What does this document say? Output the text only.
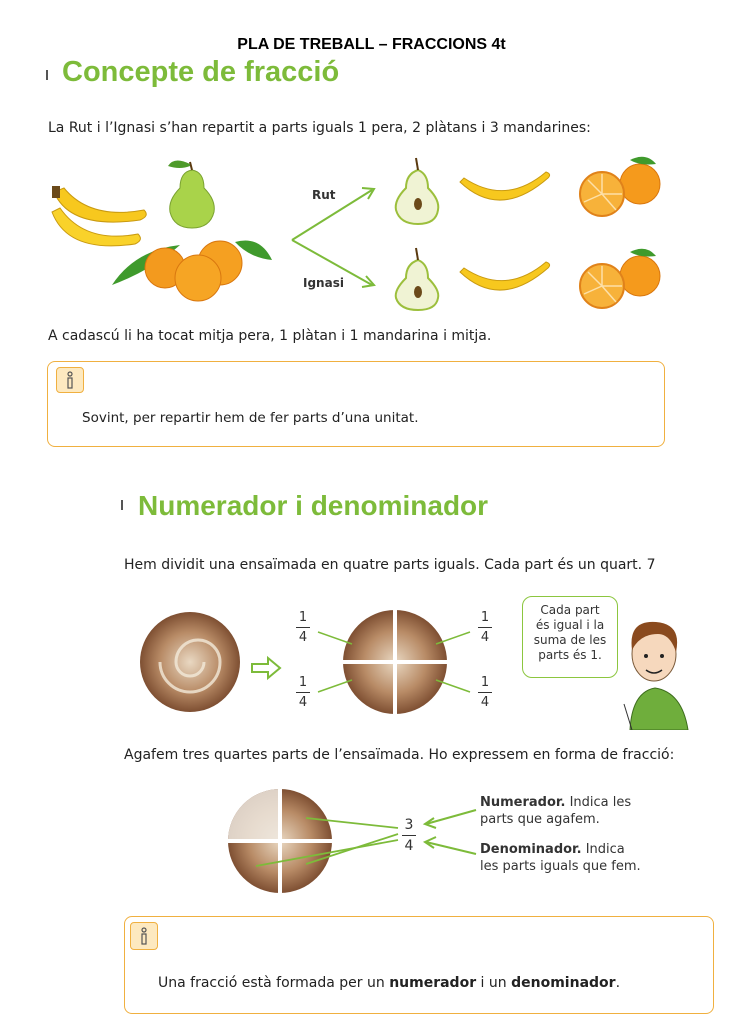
PLA DE TREBALL – FRACCIONS 4t
Concepte de fracció
La Rut i l’Ignasi s’han repartit a parts iguals 1 pera, 2 plàtans i 3 mandarines:
Rut
Ignasi
A cadascú li ha tocat mitja pera, 1 plàtan i 1 mandarina i mitja.
Sovint, per repartir hem de fer parts d’una unitat.
Numerador i denominador
Hem dividit una ensaïmada en quatre parts iguals. Cada part és un quart. 7
1
4
1
4
1
4
1
4
Cada part
és igual i la
suma de les
parts és 1.
Agafem tres quartes parts de l’ensaïmada. Ho expressem en forma de fracció:
3
4
Numerador. Indica les
parts que agafem.
Denominador. Indica
les parts iguals que fem.
Una fracció està formada per un numerador i un denominador.
